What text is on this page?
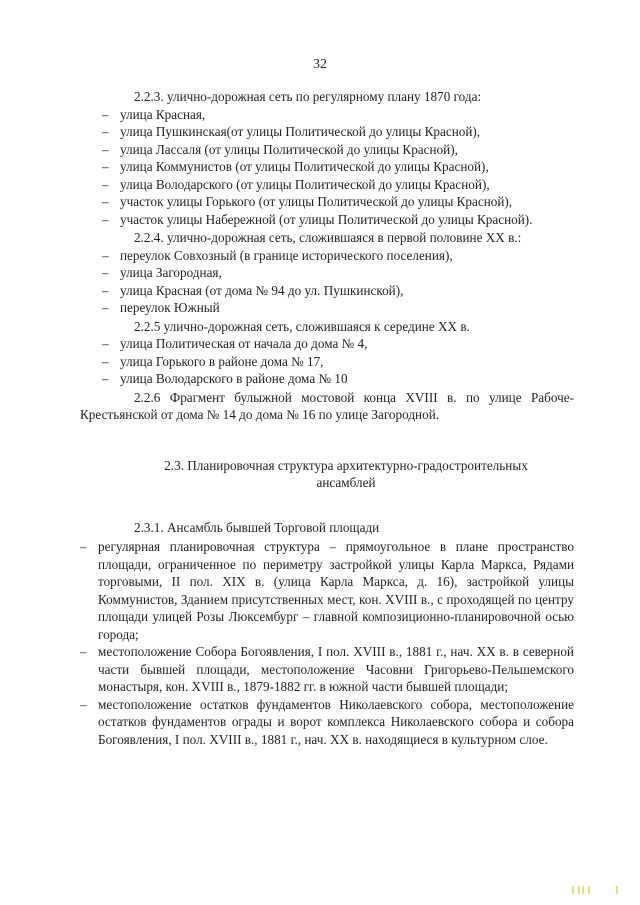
32

2.2.3. улично-дорожная сеть по регулярному плану 1870 года:

– улица Красная,
– улица Пушкинская(от улицы Политической до улицы Красной),
– улица Лассаля (от улицы Политической до улицы Красной),
– улица Коммунистов (от улицы Политической до улицы Красной),
– улица Володарского (от улицы Политической до улицы Красной),
– участок улицы Горького (от улицы Политической до улицы Красной),
– участок улицы Набережной (от улицы Политической до улицы Красной).

2.2.4. улично-дорожная сеть, сложившаяся в первой половине XX в.:

– переулок Совхозный (в границе исторического поселения),
– улица Загородная,
– улица Красная (от дома № 94 до ул. Пушкинской),
– переулок Южный

2.2.5 улично-дорожная сеть, сложившаяся к середине XX в.

– улица Политическая от начала до дома № 4,
– улица Горького в районе дома № 17,
– улица Володарского в районе дома № 10

2.2.6 Фрагмент булыжной мостовой конца XVIII в. по улице Рабоче-Крестьянской от дома № 14 до дома № 16 по улице Загородной.

2.3. Планировочная структура архитектурно-градостроительных ансамблей

2.3.1. Ансамбль бывшей Торговой площади

– регулярная планировочная структура – прямоугольное в плане пространство площади, ограниченное по периметру застройкой улицы Карла Маркса, Рядами торговыми, II пол. XIX в. (улица Карла Маркса, д. 16), застройкой улицы Коммунистов, Зданием присутственных мест, кон. XVIII в., с проходящей по центру площади улицей Розы Люксембург – главной композиционно-планировочной осью города;
– местоположение Собора Богоявления, I пол. XVIII в., 1881 г., нач. XX в. в северной части бывшей площади, местоположение Часовни Григорьево-Пельшемского монастыря, кон. XVIII в., 1879-1882 гг. в южной части бывшей площади;
– местоположение остатков фундаментов Николаевского собора, местоположение остатков фундаментов ограды и ворот комплекса Николаевского собора и собора Богоявления, I пол. XVIII в., 1881 г., нач. XX в. находящиеся в культурном слое.
